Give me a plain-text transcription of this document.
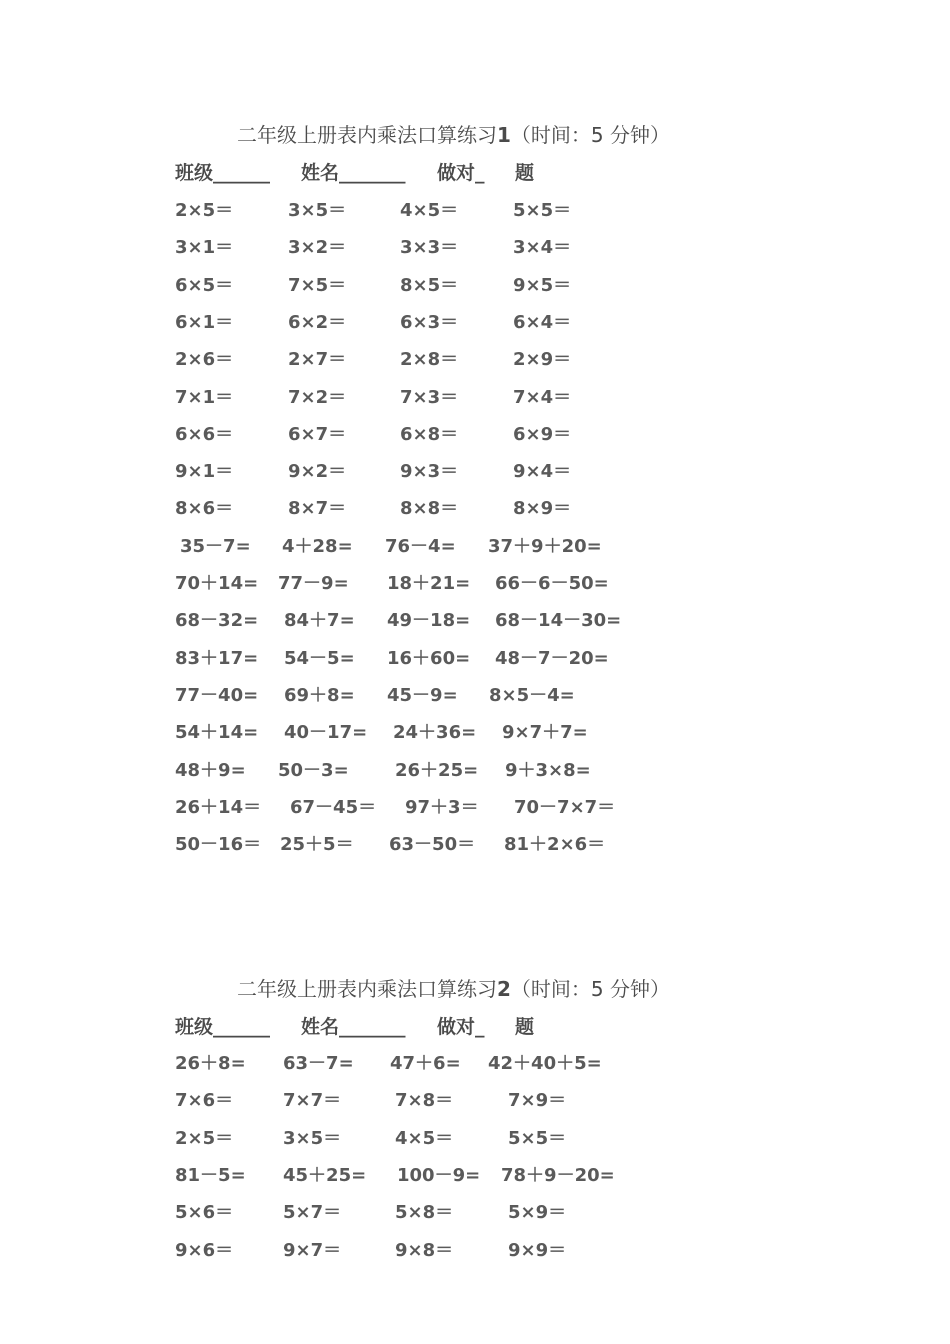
二年级上册表内乘法口算练习1（时间：5 分钟）
班级______ 姓名_______ 做对_ 题
2×5＝	3×5＝	4×5＝	5×5＝
3×1＝	3×2＝	3×3＝	3×4＝
6×5＝	7×5＝	8×5＝	9×5＝
6×1＝	6×2＝	6×3＝	6×4＝
2×6＝	2×7＝	2×8＝	2×9＝
7×1＝	7×2＝	7×3＝	7×4＝
6×6＝	6×7＝	6×8＝	6×9＝
9×1＝	9×2＝	9×3＝	9×4＝
8×6＝	8×7＝	8×8＝	8×9＝
35－7= 4＋28= 76－4= 37＋9＋20=
70＋14= 77－9= 18＋21= 66－6－50=
68－32= 84＋7= 49－18= 68－14－30=
83＋17= 54－5= 16＋60= 48－7－20=
77－40= 69＋8= 45－9= 8×5－4=
54＋14= 40－17= 24＋36= 9×7＋7=
48＋9= 50－3=	26＋25= 9＋3×8=
26＋14＝ 67－45＝ 97＋3＝ 70－7×7＝
50－16＝ 25＋5＝ 63－50＝ 81＋2×6＝
二年级上册表内乘法口算练习2（时间：5 分钟）
班级______ 姓名_______ 做对_ 题
26＋8= 63－7= 47＋6= 42＋40＋5=
7×6＝	7×7＝	7×8＝	7×9＝
2×5＝	3×5＝	4×5＝	5×5＝
81－5= 45＋25= 100－9= 78＋9－20=
5×6＝	5×7＝	5×8＝	5×9＝
9×6＝	9×7＝	9×8＝	9×9＝
